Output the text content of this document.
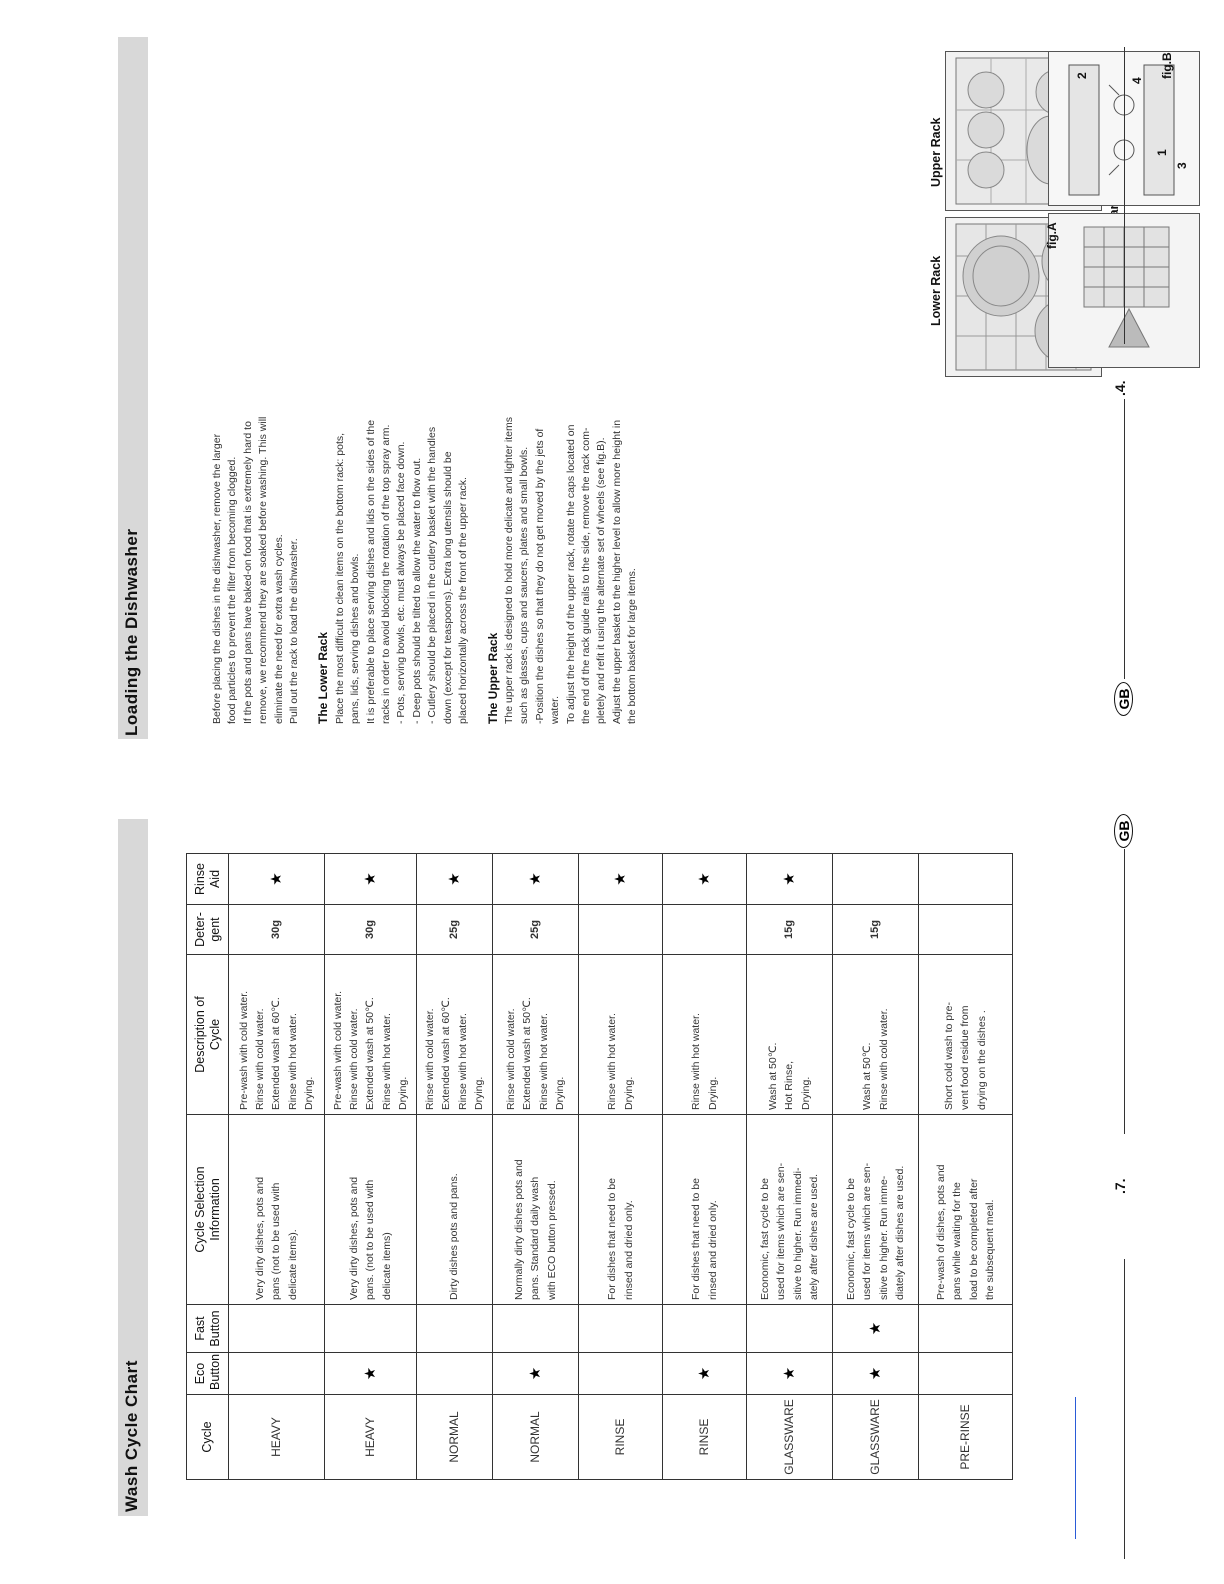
Wash Cycle Chart	Cycle	Eco Button	Fast Button	Cycle Selection Information	Description of Cycle	Deter- gent	Rinse Aid

HEAVY			Very dirty dishes, pots and pans (not to be used with delicate items).	Pre-wash with cold water. Rinse with cold water. Extended wash at 60℃. Rinse with hot water. Drying.	30g	★
HEAVY	★		Very dirty dishes, pots and pans. (not to be used with delicate items)	Pre-wash with cold water. Rinse with cold water. Extended wash at 50℃. Rinse with hot water. Drying.	30g	★
NORMAL			Dirty dishes pots and pans.	Rinse with cold water. Extended wash at 60℃. Rinse with hot water. Drying.	25g	★
NORMAL	★		Normally dirty dishes pots and pans. Standard daily wash with ECO button pressed.	Rinse with cold water. Extended wash at 50℃. Rinse with hot water. Drying.	25g	★
RINSE			For dishes that need to be rinsed and dried only.	Rinse with hot water. Drying.		★
RINSE	★		For dishes that need to be rinsed and dried only.	Rinse with hot water. Drying.		★
GLASSWARE	★		Economic, fast cycle to be used for items which are sen- sitive to higher. Run immedi- ately after dishes are used.	Wash at 50℃. Hot Rinse, Drying.	15g	★
GLASSWARE	★	★	Economic, fast cycle to be used for items which are sen- sitive to higher. Run imme- diately after dishes are used.	Wash at 50℃. Rinse with cold water.	15g	
PRE-RINSE			Pre-wash of dishes, pots and pans while waiting for the load to be completed after the subsequent meal.	Short cold wash to pre- vent food residue from drying on the dishes .		

.7.
GB
Loading the Dishwasher	Before placing the dishes in the dishwasher, remove the larger food particles to prevent the filter from becoming clogged. If the pots and pans have baked-on food that is extremely hard to remove, we recommend they are soaked before washing. This will eliminate the need for extra wash cycles. Pull out the rack to load the dishwasher. The Lower Rack Place the most difficult to clean items on the bottom rack: pots, pans, lids, serving dishes and bowls. It is preferable to place serving dishes and lids on the sides of the racks in order to avoid blocking the rotation of the top spray arm. - Pots, serving bowls, etc. must always be placed face down. - Deep pots should be tilted to allow the water to flow out. - Cutlery should be placed in the cutlery basket with the handles down (except for teaspoons). Extra long utensils should be placed horizontally across the front of the upper rack. The Upper Rack The upper rack is designed to hold more delicate and lighter items such as glasses, cups and saucers, plates and small bowls. -Position the dishes so that they do not get moved by the jets of water. To adjust the height of the upper rack, rotate the caps located on the end of the rack guide rails to the side, remove the rack com- pletely and refit it using the alternate set of wheels (see fig.B). Adjust the upper basket to the higher level to allow more height in the bottom basket for large items.
Lower Rack
Upper Rack
fig.A
fig.B
1
2
3
4
GB
.4.
